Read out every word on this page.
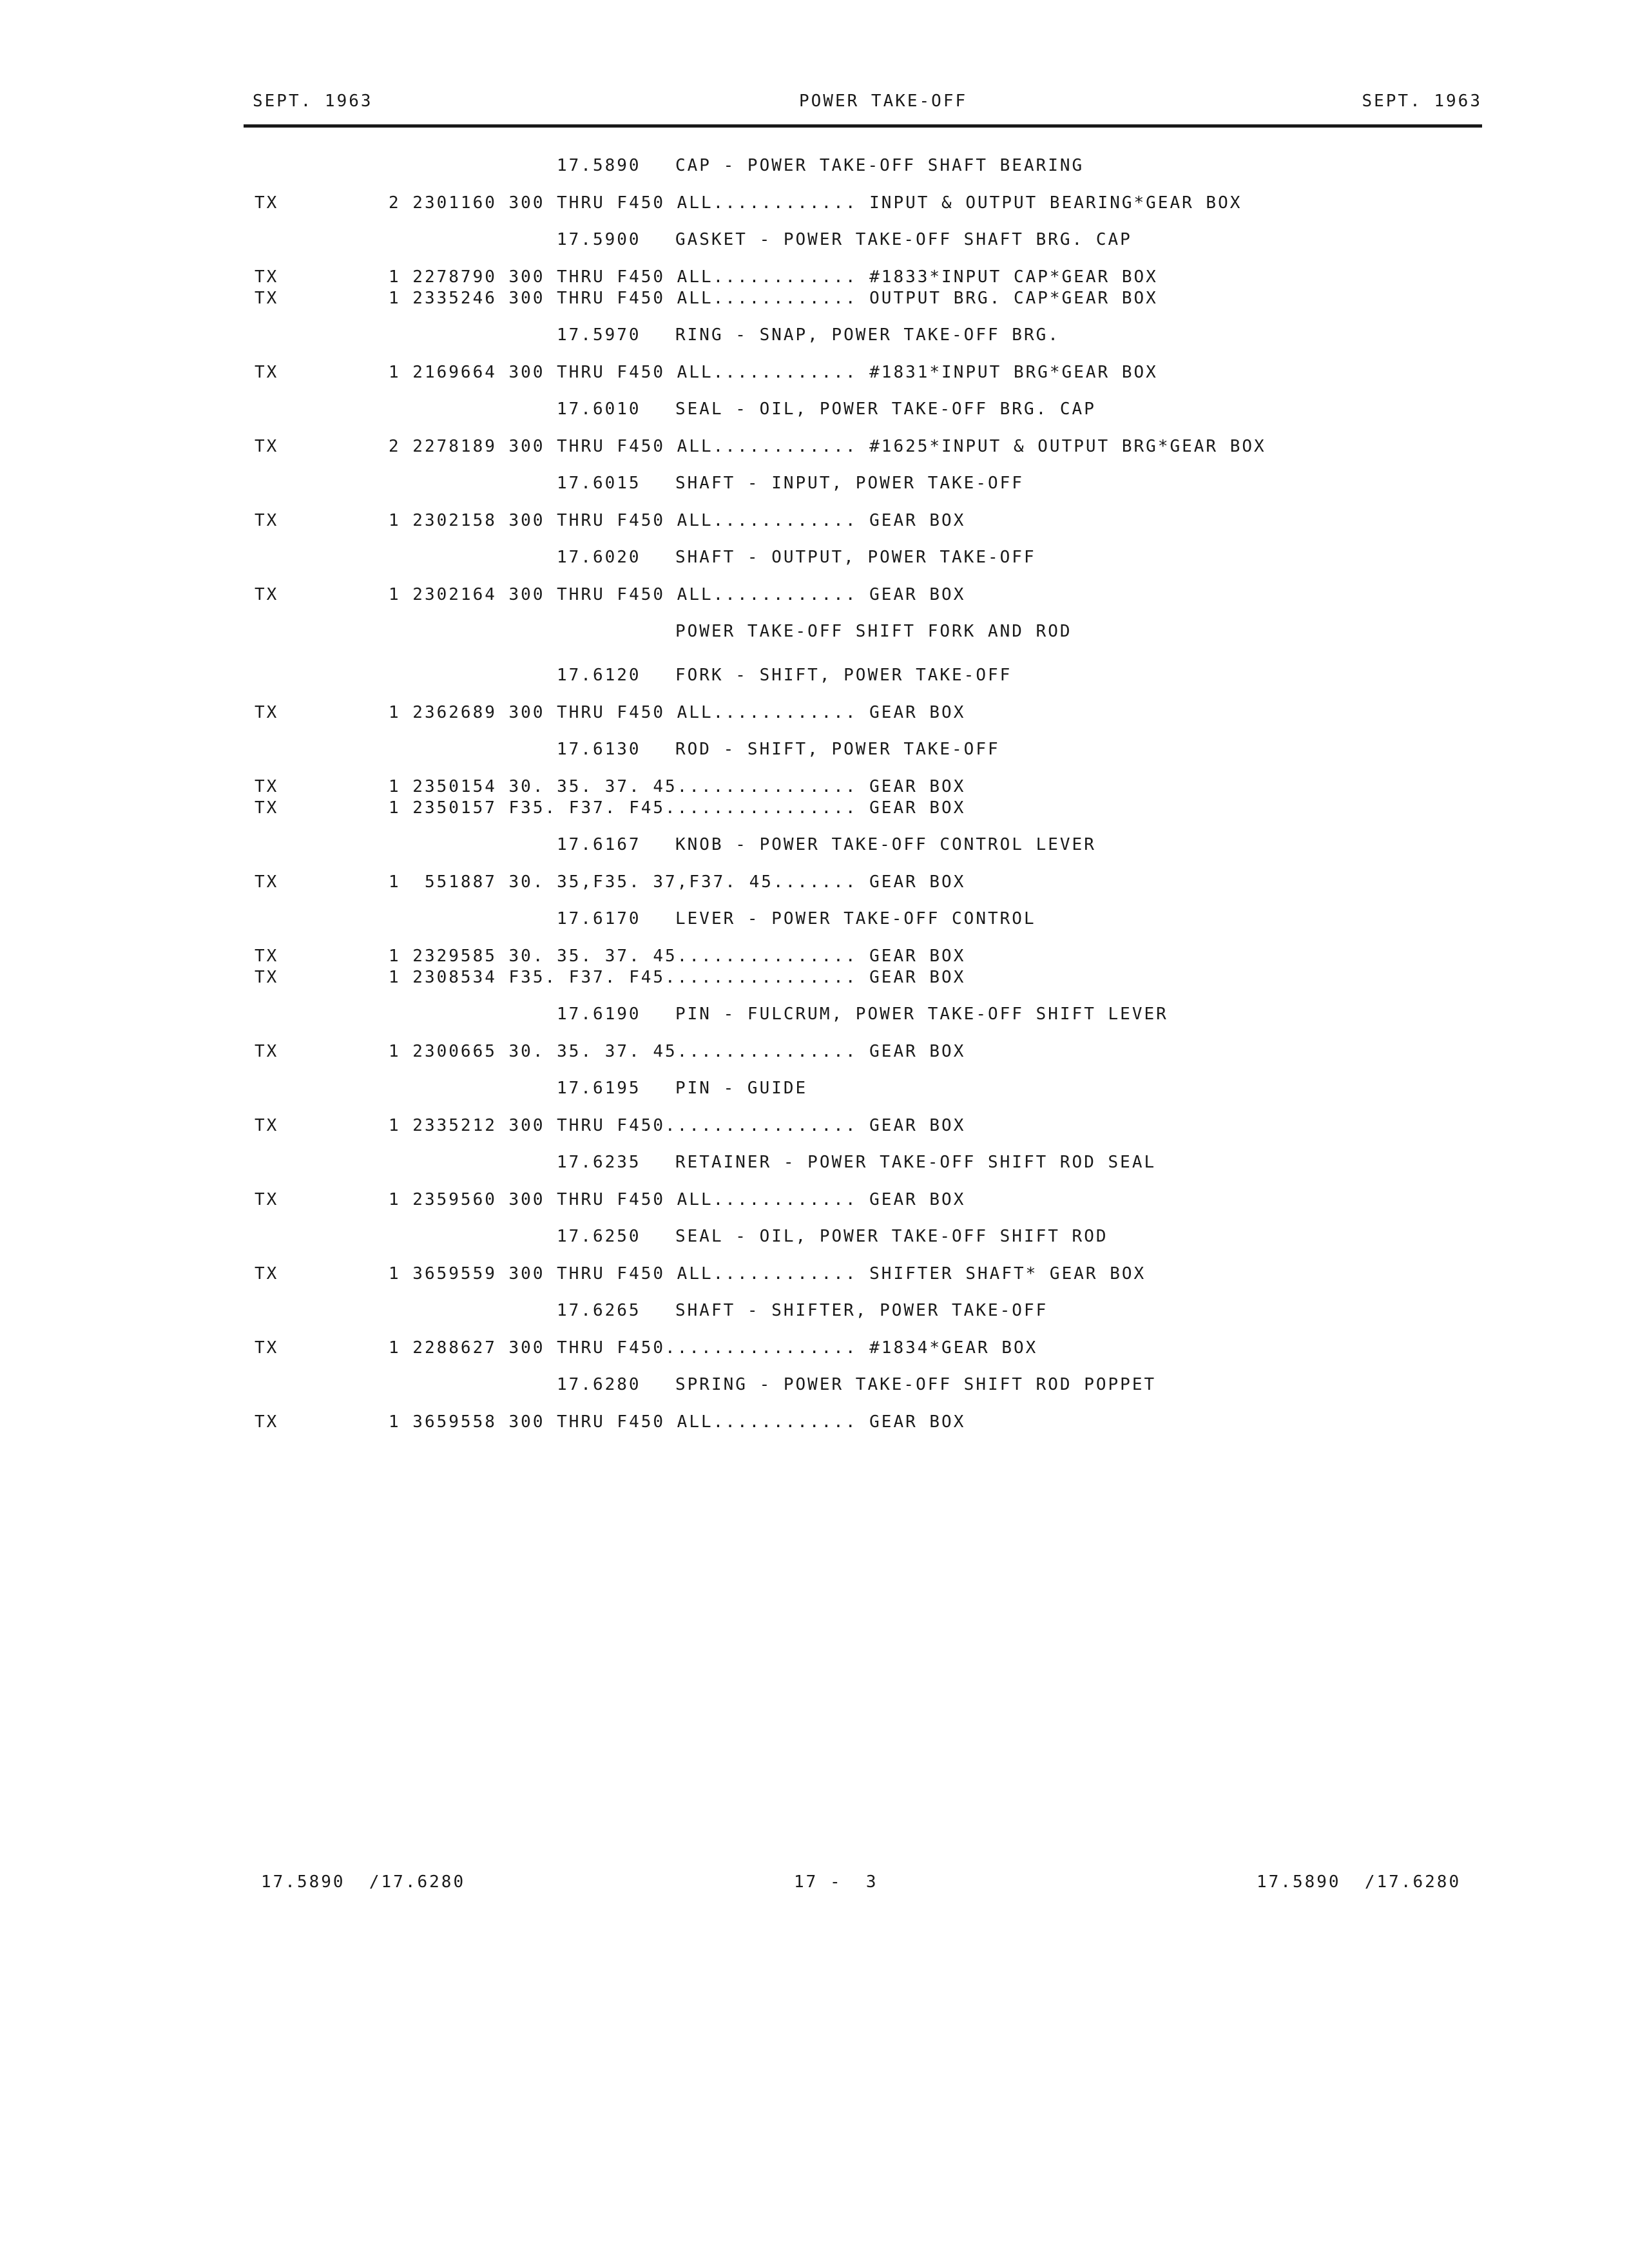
SEPT. 1963	POWER TAKE-OFF	SEPT. 1963
17.5890 CAP - POWER TAKE-OFF SHAFT BEARING
TX	2 2301160 300 THRU F450 ALL............ INPUT & OUTPUT BEARING*GEAR BOX
17.5900 GASKET - POWER TAKE-OFF SHAFT BRG. CAP
TX	1 2278790 300 THRU F450 ALL............ #1833*INPUT CAP*GEAR BOX
TX	1 2335246 300 THRU F450 ALL............ OUTPUT BRG. CAP*GEAR BOX
17.5970 RING - SNAP, POWER TAKE-OFF BRG.
TX	1 2169664 300 THRU F450 ALL............ #1831*INPUT BRG*GEAR BOX
17.6010 SEAL - OIL, POWER TAKE-OFF BRG. CAP
TX	2 2278189 300 THRU F450 ALL............ #1625*INPUT & OUTPUT BRG*GEAR BOX
17.6015 SHAFT - INPUT, POWER TAKE-OFF
TX	1 2302158 300 THRU F450 ALL............ GEAR BOX
17.6020 SHAFT - OUTPUT, POWER TAKE-OFF
TX	1 2302164 300 THRU F450 ALL............ GEAR BOX
POWER TAKE-OFF SHIFT FORK AND ROD
17.6120 FORK - SHIFT, POWER TAKE-OFF
TX	1 2362689 300 THRU F450 ALL............ GEAR BOX
17.6130 ROD - SHIFT, POWER TAKE-OFF
TX	1 2350154 30. 35. 37. 45............... GEAR BOX
TX	1 2350157 F35. F37. F45................ GEAR BOX
17.6167 KNOB - POWER TAKE-OFF CONTROL LEVER
TX	1  551887 30. 35,F35. 37,F37. 45....... GEAR BOX
17.6170 LEVER - POWER TAKE-OFF CONTROL
TX	1 2329585 30. 35. 37. 45............... GEAR BOX
TX	1 2308534 F35. F37. F45................ GEAR BOX
17.6190 PIN - FULCRUM, POWER TAKE-OFF SHIFT LEVER
TX	1 2300665 30. 35. 37. 45............... GEAR BOX
17.6195 PIN - GUIDE
TX	1 2335212 300 THRU F450................ GEAR BOX
17.6235 RETAINER - POWER TAKE-OFF SHIFT ROD SEAL
TX	1 2359560 300 THRU F450 ALL............ GEAR BOX
17.6250 SEAL - OIL, POWER TAKE-OFF SHIFT ROD
TX	1 3659559 300 THRU F450 ALL............ SHIFTER SHAFT* GEAR BOX
17.6265 SHAFT - SHIFTER, POWER TAKE-OFF
TX	1 2288627 300 THRU F450................ #1834*GEAR BOX
17.6280 SPRING - POWER TAKE-OFF SHIFT ROD POPPET
TX	1 3659558 300 THRU F450 ALL............ GEAR BOX
17.5890  /17.6280	17 -  3	17.5890  /17.6280
